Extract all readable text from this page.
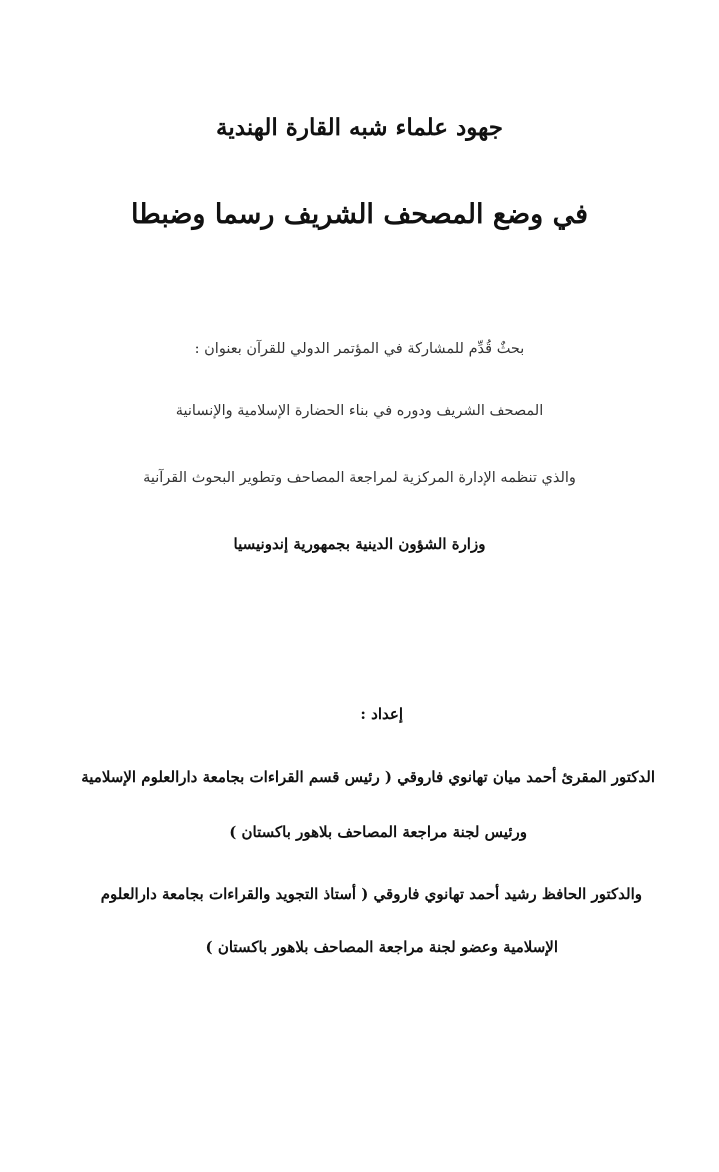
جهود علماء شبه القارة الهندية
في وضع المصحف الشريف رسما وضبطا
بحثٌ قُدِّم للمشاركة في المؤتمر الدولي للقرآن بعنوان :
المصحف الشريف ودوره في بناء الحضارة الإسلامية والإنسانية
والذي تنظمه الإدارة المركزية لمراجعة المصاحف وتطوير البحوث القرآنية
وزارة الشؤون الدينية بجمهورية إندونيسيا
إعداد :
الدكتور المقرئ أحمد ميان تهانوي فاروقي ( رئيس قسم القراءات بجامعة دارالعلوم الإسلامية
ورئيس لجنة مراجعة المصاحف بلاهور باكستان )
والدكتور الحافظ رشيد أحمد تهانوي فاروقي ( أستاذ التجويد والقراءات بجامعة دارالعلوم
الإسلامية وعضو لجنة مراجعة المصاحف بلاهور باكستان )
